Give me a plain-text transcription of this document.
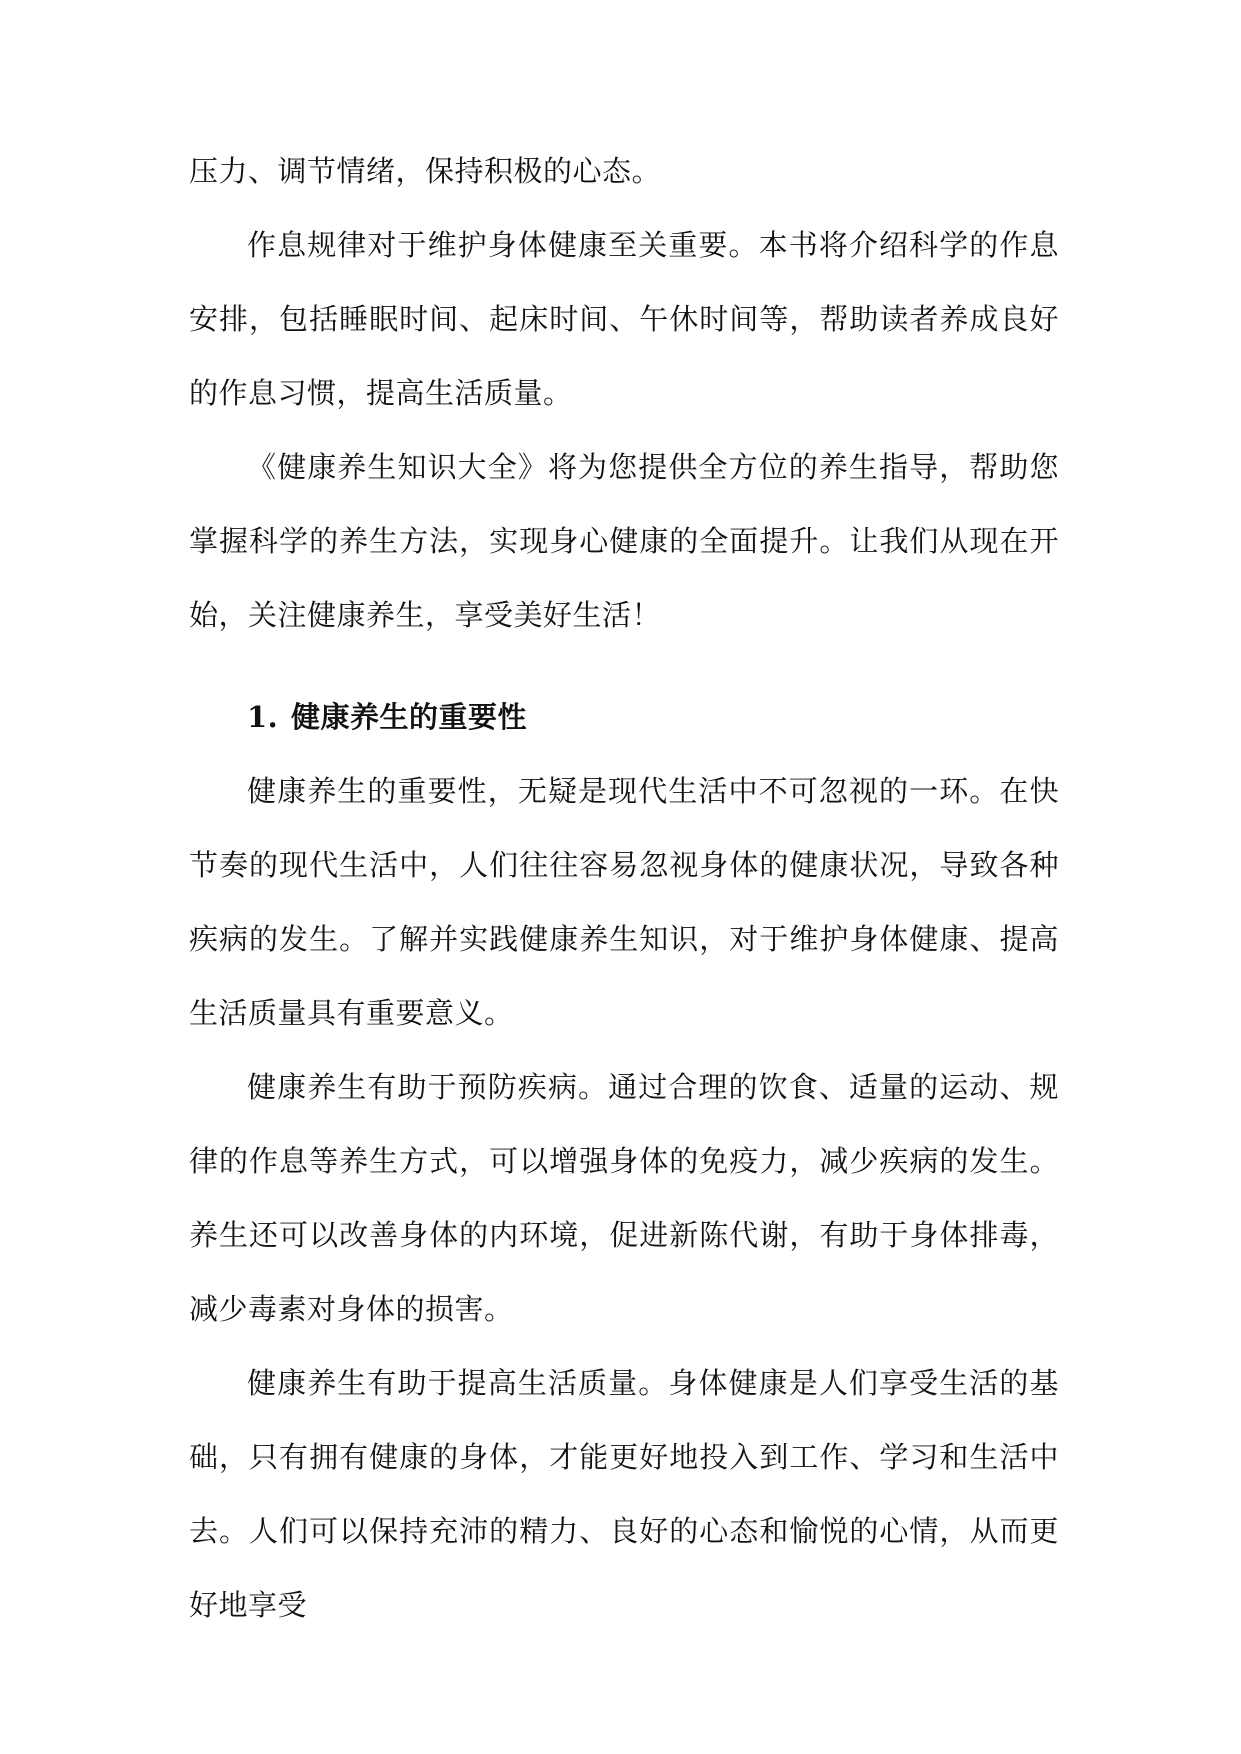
压力、调节情绪，保持积极的心态。

作息规律对于维护身体健康至关重要。本书将介绍科学的作息安排，包括睡眠时间、起床时间、午休时间等，帮助读者养成良好的作息习惯，提高生活质量。

《健康养生知识大全》将为您提供全方位的养生指导，帮助您掌握科学的养生方法，实现身心健康的全面提升。让我们从现在开始，关注健康养生，享受美好生活！

1. 健康养生的重要性

健康养生的重要性，无疑是现代生活中不可忽视的一环。在快节奏的现代生活中，人们往往容易忽视身体的健康状况，导致各种疾病的发生。了解并实践健康养生知识，对于维护身体健康、提高生活质量具有重要意义。

健康养生有助于预防疾病。通过合理的饮食、适量的运动、规律的作息等养生方式，可以增强身体的免疫力，减少疾病的发生。养生还可以改善身体的内环境，促进新陈代谢，有助于身体排毒，减少毒素对身体的损害。

健康养生有助于提高生活质量。身体健康是人们享受生活的基础，只有拥有健康的身体，才能更好地投入到工作、学习和生活中去。人们可以保持充沛的精力、良好的心态和愉悦的心情，从而更好地享受
